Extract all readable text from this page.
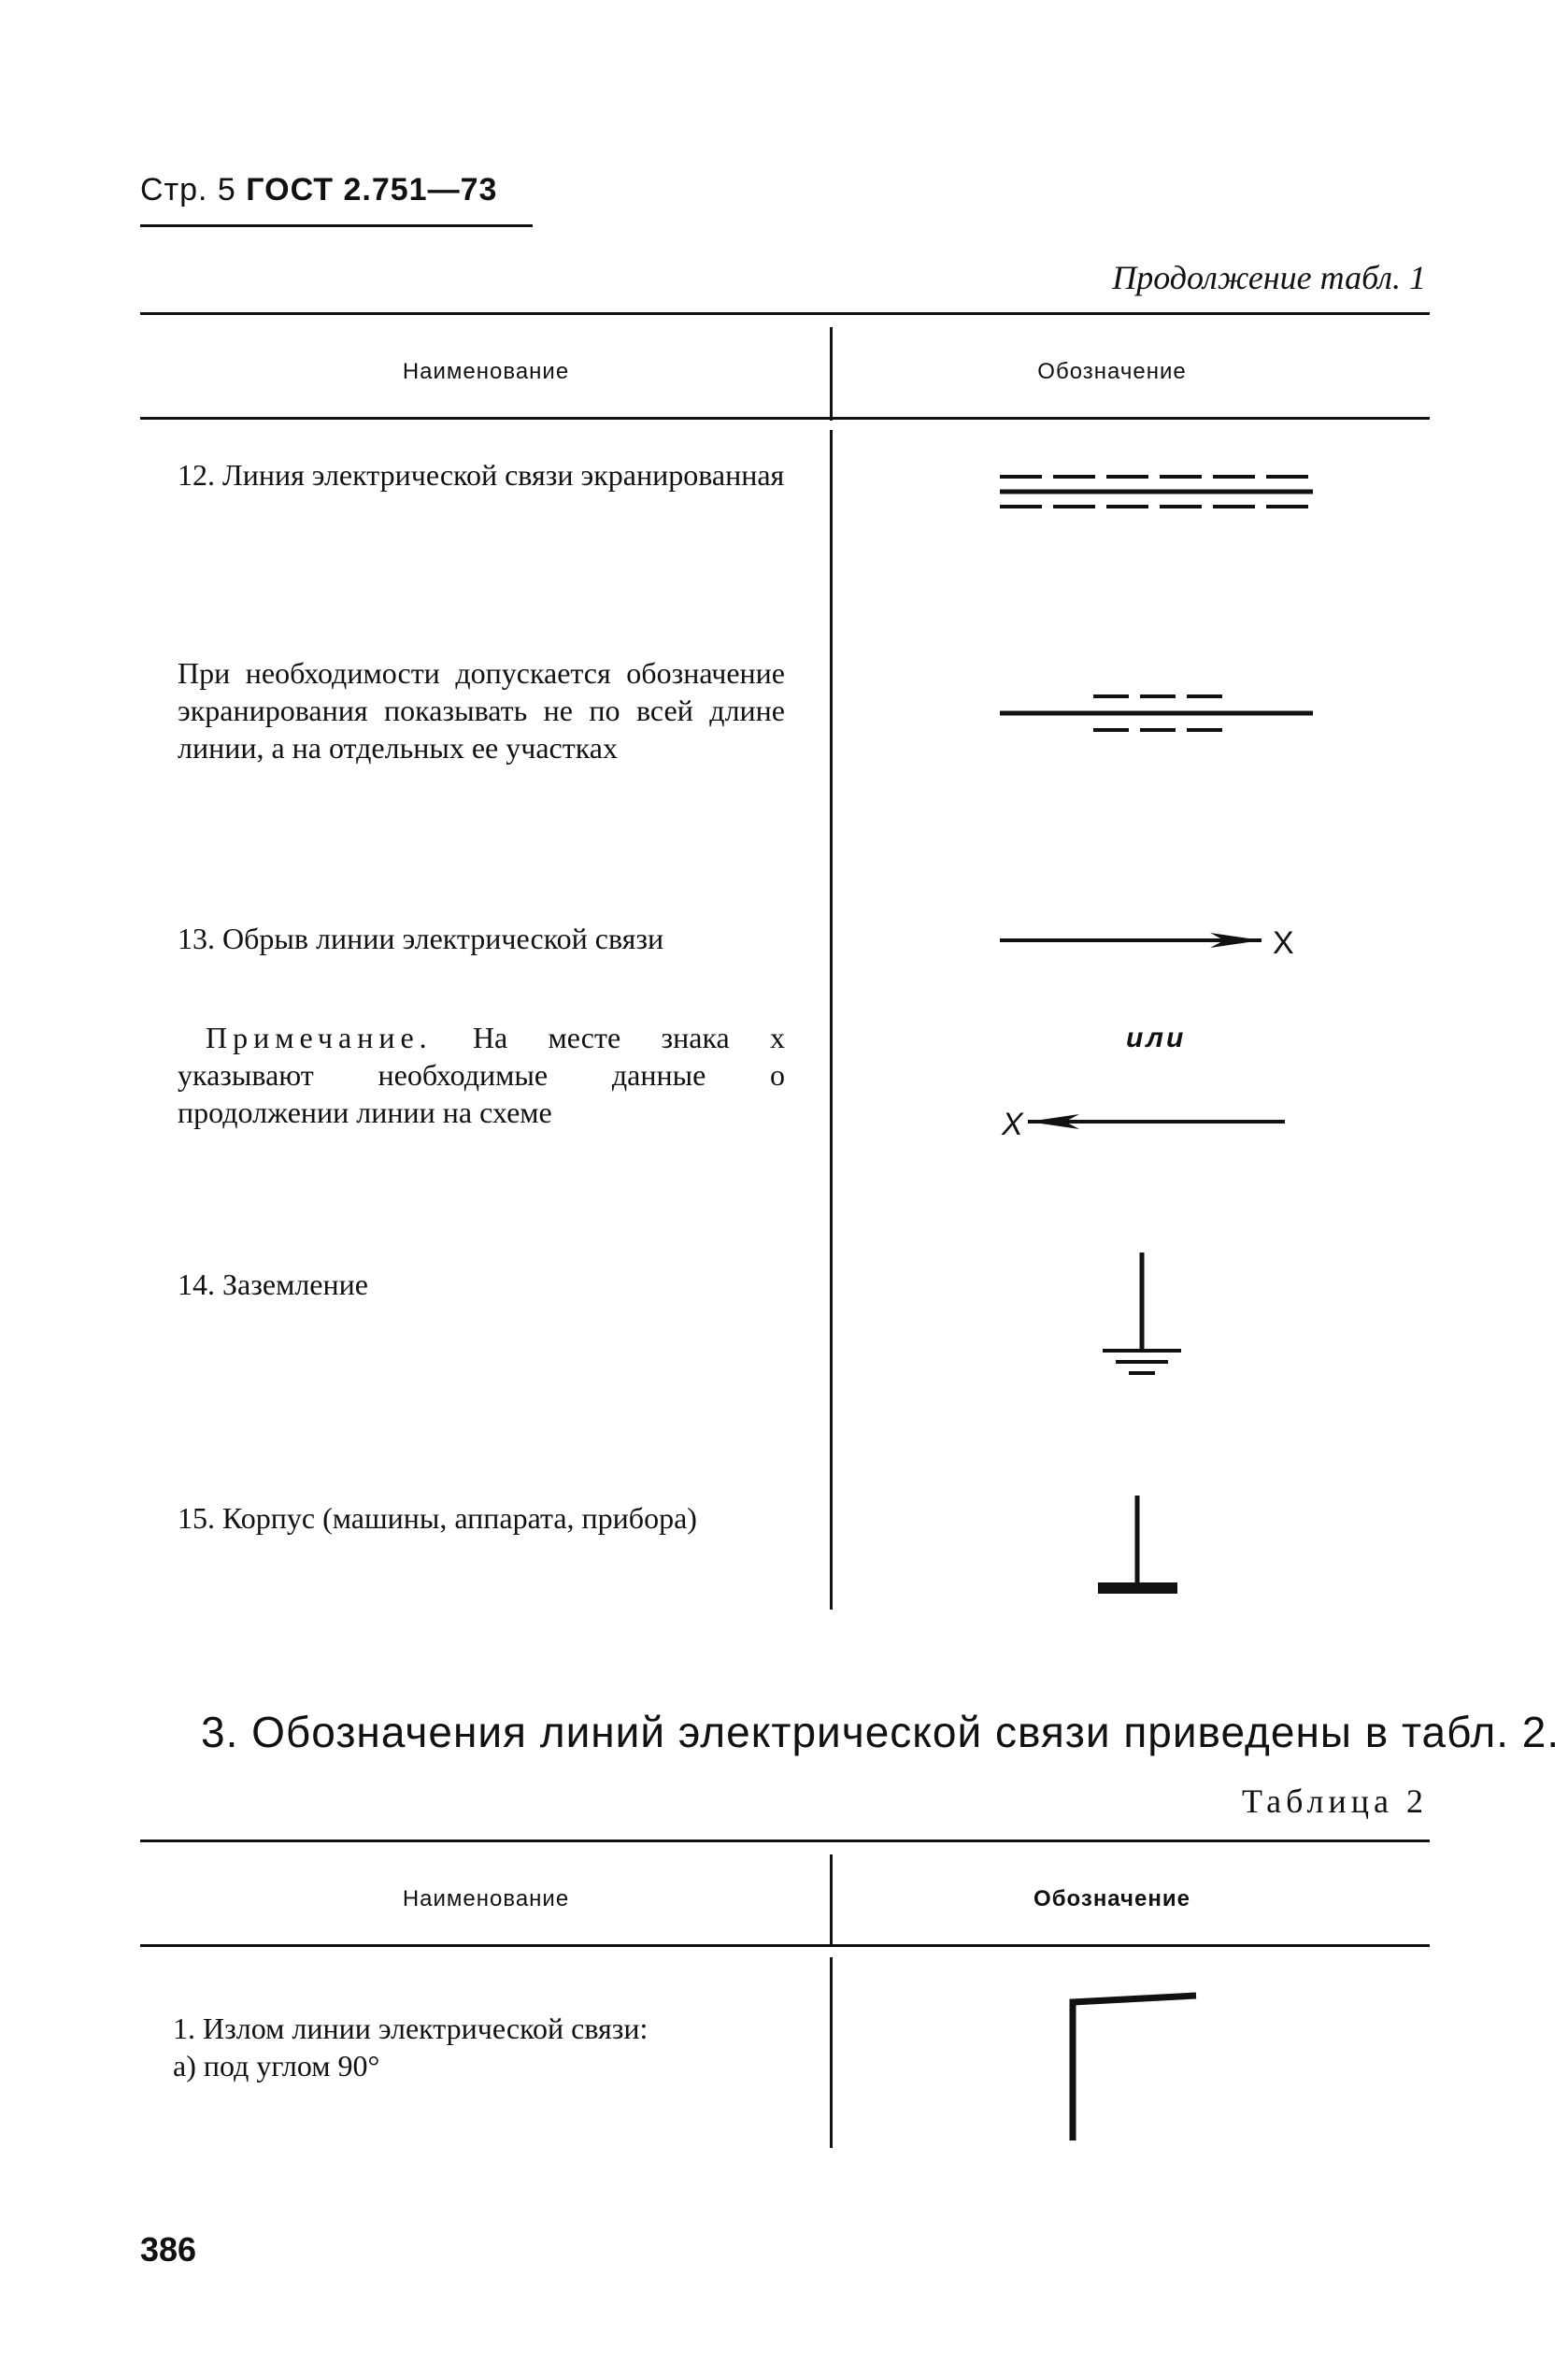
Стр. 5 ГОСТ 2.751—73
Продолжение табл. 1
Наименование	Обозначение
12. Линия электрической связи экранированная
При необходимости допускается обозначение экранирования показывать не по всей длине линии, а на отдельных ее участках
13. Обрыв линии электрической связи	X
Примечание. На месте знака x указывают необходимые данные о продолжении линии на схеме
или
X
14. Заземление
15. Корпус (машины, аппарата, прибора)
3. Обозначения линий электрической связи приведены в табл. 2.
Таблица 2
Наименование	Обозначение
1. Излом линии электрической связи:
а) под углом 90°
386
